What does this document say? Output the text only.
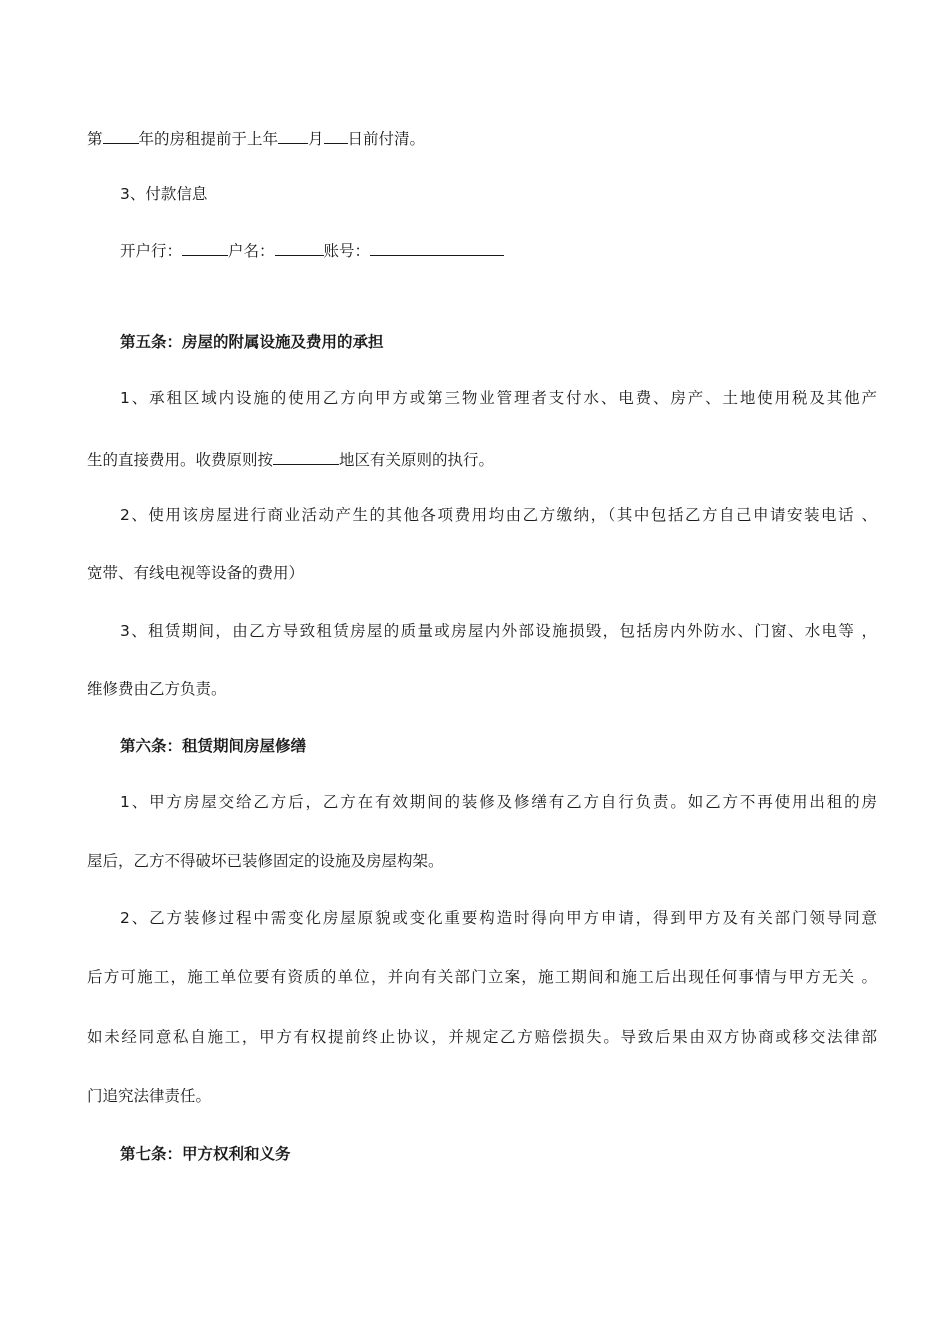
第 年的房租提前于上年 月 日前付清。
3、付款信息
开户行：	户名：	账号：
第五条：房屋的附属设施及费用的承担
1、承租区域内设施的使用乙方向甲方或第三物业管理者支付水、电费、房产、土地使用税及其他产
生的直接费用。收费原则按	地区有关原则的执行。
2、使用该房屋进行商业活动产生的其他各项费用均由乙方缴纳，（其中包括乙方自己申请安装电话 、
宽带、有线电视等设备的费用）
3、租赁期间，由乙方导致租赁房屋的质量或房屋内外部设施损毁，包括房内外防水、门窗、水电等 ，
维修费由乙方负责。
第六条：租赁期间房屋修缮
1、甲方房屋交给乙方后，乙方在有效期间的装修及修缮有乙方自行负责。如乙方不再使用出租的房
屋后，乙方不得破坏已装修固定的设施及房屋构架。
2、乙方装修过程中需变化房屋原貌或变化重要构造时得向甲方申请，得到甲方及有关部门领导同意
后方可施工，施工单位要有资质的单位，并向有关部门立案，施工期间和施工后出现任何事情与甲方无关 。
如未经同意私自施工，甲方有权提前终止协议，并规定乙方赔偿损失。导致后果由双方协商或移交法律部
门追究法律责任。
第七条：甲方权利和义务
